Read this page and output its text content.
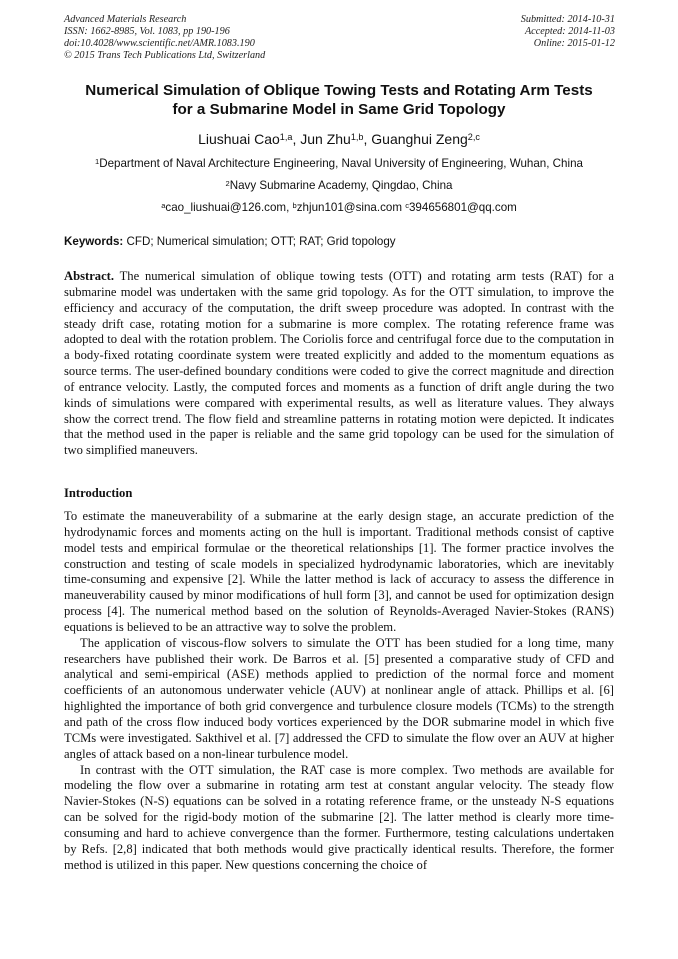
Advanced Materials Research
ISSN: 1662-8985, Vol. 1083, pp 190-196
doi:10.4028/www.scientific.net/AMR.1083.190
© 2015 Trans Tech Publications Ltd, Switzerland
Submitted: 2014-10-31
Accepted: 2014-11-03
Online: 2015-01-12
Numerical Simulation of Oblique Towing Tests and Rotating Arm Tests
for a Submarine Model in Same Grid Topology
Liushuai Cao$^{1,a}$, Jun Zhu$^{1,b}$, Guanghui Zeng$^{2,c}$
$^1$Department of Naval Architecture Engineering, Naval University of Engineering, Wuhan, China
$^2$Navy Submarine Academy, Qingdao, China
$^a$cao_liushuai@126.com, $^b$zhjun101@sina.com $^c$394656801@qq.com
Keywords: CFD; Numerical simulation; OTT; RAT; Grid topology

Abstract. The numerical simulation of oblique towing tests (OTT) and rotating arm tests (RAT) for a submarine model was undertaken with the same grid topology. As for the OTT simulation, to improve the efficiency and accuracy of the computation, the drift sweep procedure was adopted. In contrast with the steady drift case, rotating motion for a submarine is more complex. The rotating reference frame was adopted to deal with the rotation problem. The Coriolis force and centrifugal force due to the computation in a body-fixed rotating coordinate system were treated explicitly and added to the momentum equations as source terms. The user-defined boundary conditions were coded to give the correct magnitude and direction of entrance velocity. Lastly, the computed forces and moments as a function of drift angle during the two kinds of simulations were compared with experimental results, as well as literature values. They always show the correct trend. The flow field and streamline patterns in rotating motion were depicted. It indicates that the method used in the paper is reliable and the same grid topology can be used for the simulation of two simplified maneuvers.

Introduction

To estimate the maneuverability of a submarine at the early design stage, an accurate prediction of the hydrodynamic forces and moments acting on the hull is important. Traditional methods consist of captive model tests and empirical formulae or the theoretical relationships [1]. The former practice involves the construction and testing of scale models in specialized hydrodynamic laboratories, which are inevitably time-consuming and expensive [2]. While the latter method is lack of accuracy to assess the difference in maneuverability caused by minor modifications of hull form [3], and cannot be used for optimization design process [4]. The numerical method based on the solution of Reynolds-Averaged Navier-Stokes (RANS) equations is believed to be an attractive way to solve the problem.

The application of viscous-flow solvers to simulate the OTT has been studied for a long time, many researchers have published their work. De Barros et al. [5] presented a comparative study of CFD and analytical and semi-empirical (ASE) methods applied to prediction of the normal force and moment coefficients of an autonomous underwater vehicle (AUV) at nonlinear angle of attack. Phillips et al. [6] highlighted the importance of both grid convergence and turbulence closure models (TCMs) to the strength and path of the cross flow induced body vortices experienced by the DOR submarine model in which five TCMs were investigated. Sakthivel et al. [7] addressed the CFD to simulate the flow over an AUV at higher angles of attack based on a non-linear turbulence model.

In contrast with the OTT simulation, the RAT case is more complex. Two methods are available for modeling the flow over a submarine in rotating arm test at constant angular velocity. The steady flow Navier-Stokes (N-S) equations can be solved in a rotating reference frame, or the unsteady N-S equations can be solved for the rigid-body motion of the submarine [2]. The latter method is clearly more time-consuming and hard to achieve convergence than the former. Furthermore, testing calculations undertaken by Refs. [2,8] indicated that both methods would give practically identical results. Therefore, the former method is utilized in this paper. New questions concerning the choice of
